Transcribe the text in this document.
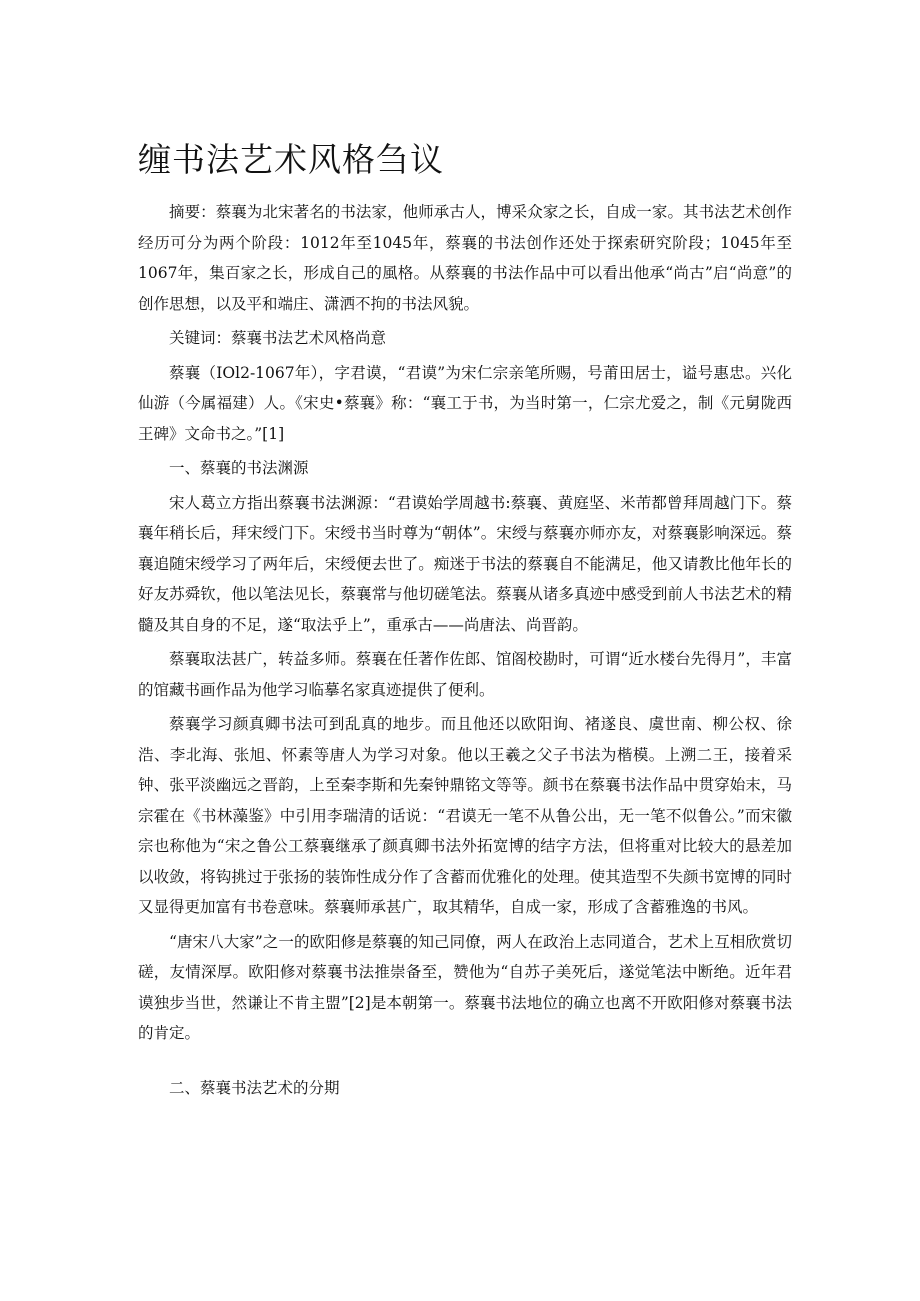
缠书法艺术风格刍议

摘要：蔡襄为北宋著名的书法家，他师承古人，博采众家之长，自成一家。其书法艺术创作经历可分为两个阶段：1012年至1045年，蔡襄的书法创作还处于探索研究阶段；1045年至1067年，集百家之长，形成自己的風格。从蔡襄的书法作品中可以看出他承“尚古”启“尚意”的创作思想，以及平和端庄、潇洒不拘的书法风貌。

关键词：蔡襄书法艺术风格尚意

蔡襄（IOl2-1067年），字君谟，“君谟”为宋仁宗亲笔所赐，号莆田居士，谥号惠忠。兴化仙游（今属福建）人。《宋史•蔡襄》称：“襄工于书，为当时第一，仁宗尤爱之，制《元舅陇西王碑》文命书之。”[1]

一、蔡襄的书法渊源

宋人葛立方指出蔡襄书法渊源：“君谟始学周越书:蔡襄、黄庭坚、米芾都曾拜周越门下。蔡襄年稍长后，拜宋绶门下。宋绶书当时尊为“朝体”。宋绶与蔡襄亦师亦友，对蔡襄影响深远。蔡襄追随宋绶学习了两年后，宋绶便去世了。痴迷于书法的蔡襄自不能满足，他又请教比他年长的好友苏舜钦，他以笔法见长，蔡襄常与他切磋笔法。蔡襄从诸多真迹中感受到前人书法艺术的精髓及其自身的不足，遂“取法乎上”，重承古——尚唐法、尚晋韵。

蔡襄取法甚广，转益多师。蔡襄在任著作佐郎、馆阁校勘时，可谓“近水楼台先得月”，丰富的馆藏书画作品为他学习临摹名家真迹提供了便利。

蔡襄学习颜真卿书法可到乱真的地步。而且他还以欧阳询、褚遂良、虞世南、柳公权、徐浩、李北海、张旭、怀素等唐人为学习对象。他以王羲之父子书法为楷模。上溯二王，接着采钟、张平淡幽远之晋韵，上至秦李斯和先秦钟鼎铭文等等。颜书在蔡襄书法作品中贯穿始末，马宗霍在《书林藻鉴》中引用李瑞清的话说：“君谟无一笔不从鲁公出，无一笔不似鲁公。”而宋徽宗也称他为“宋之鲁公工蔡襄继承了颜真卿书法外拓宽博的结字方法，但将重对比较大的悬差加以收敛，将钩挑过于张扬的装饰性成分作了含蓄而优雅化的处理。使其造型不失颜书宽博的同时又显得更加富有书卷意味。蔡襄师承甚广，取其精华，自成一家，形成了含蓄雅逸的书风。

“唐宋八大家”之一的欧阳修是蔡襄的知己同僚，两人在政治上志同道合，艺术上互相欣赏切磋，友情深厚。欧阳修对蔡襄书法推崇备至，赞他为“自苏子美死后，遂觉笔法中断绝。近年君谟独步当世，然谦让不肯主盟”[2]是本朝第一。蔡襄书法地位的确立也离不开欧阳修对蔡襄书法的肯定。

二、蔡襄书法艺术的分期
